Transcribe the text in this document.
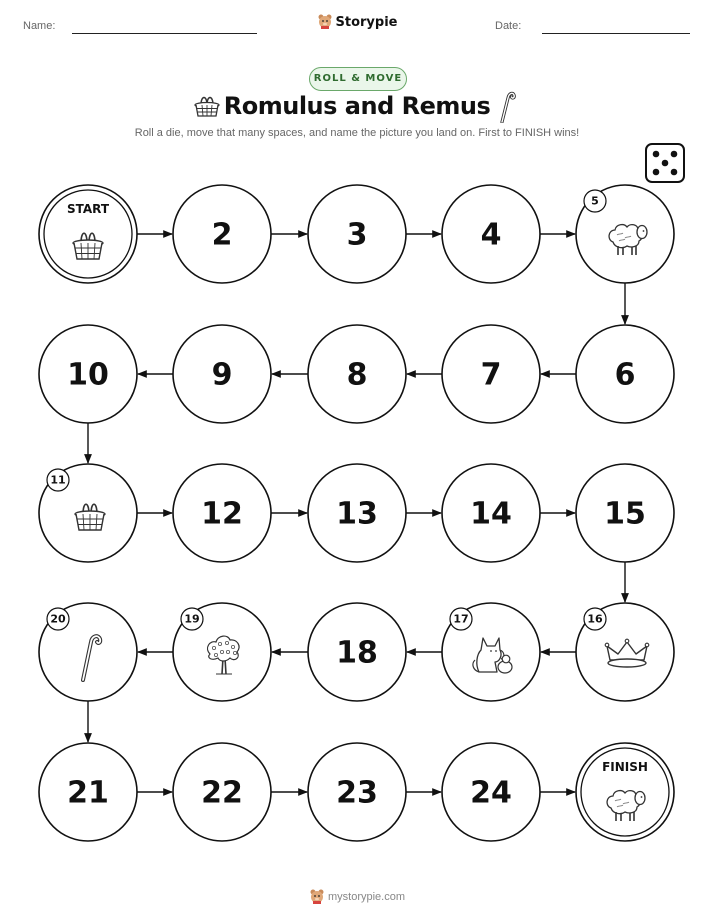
Name:	Storypie	Date:
ROLL & MOVE
Romulus and Remus
Roll a die, move that many spaces, and name the picture you land on. First to FINISH wins!
START
2	3	4
5
6
7
8
9
10
11
12	13	14	15
16
17
18
19
20
21	22	23	24
FINISH
mystorypie.com
